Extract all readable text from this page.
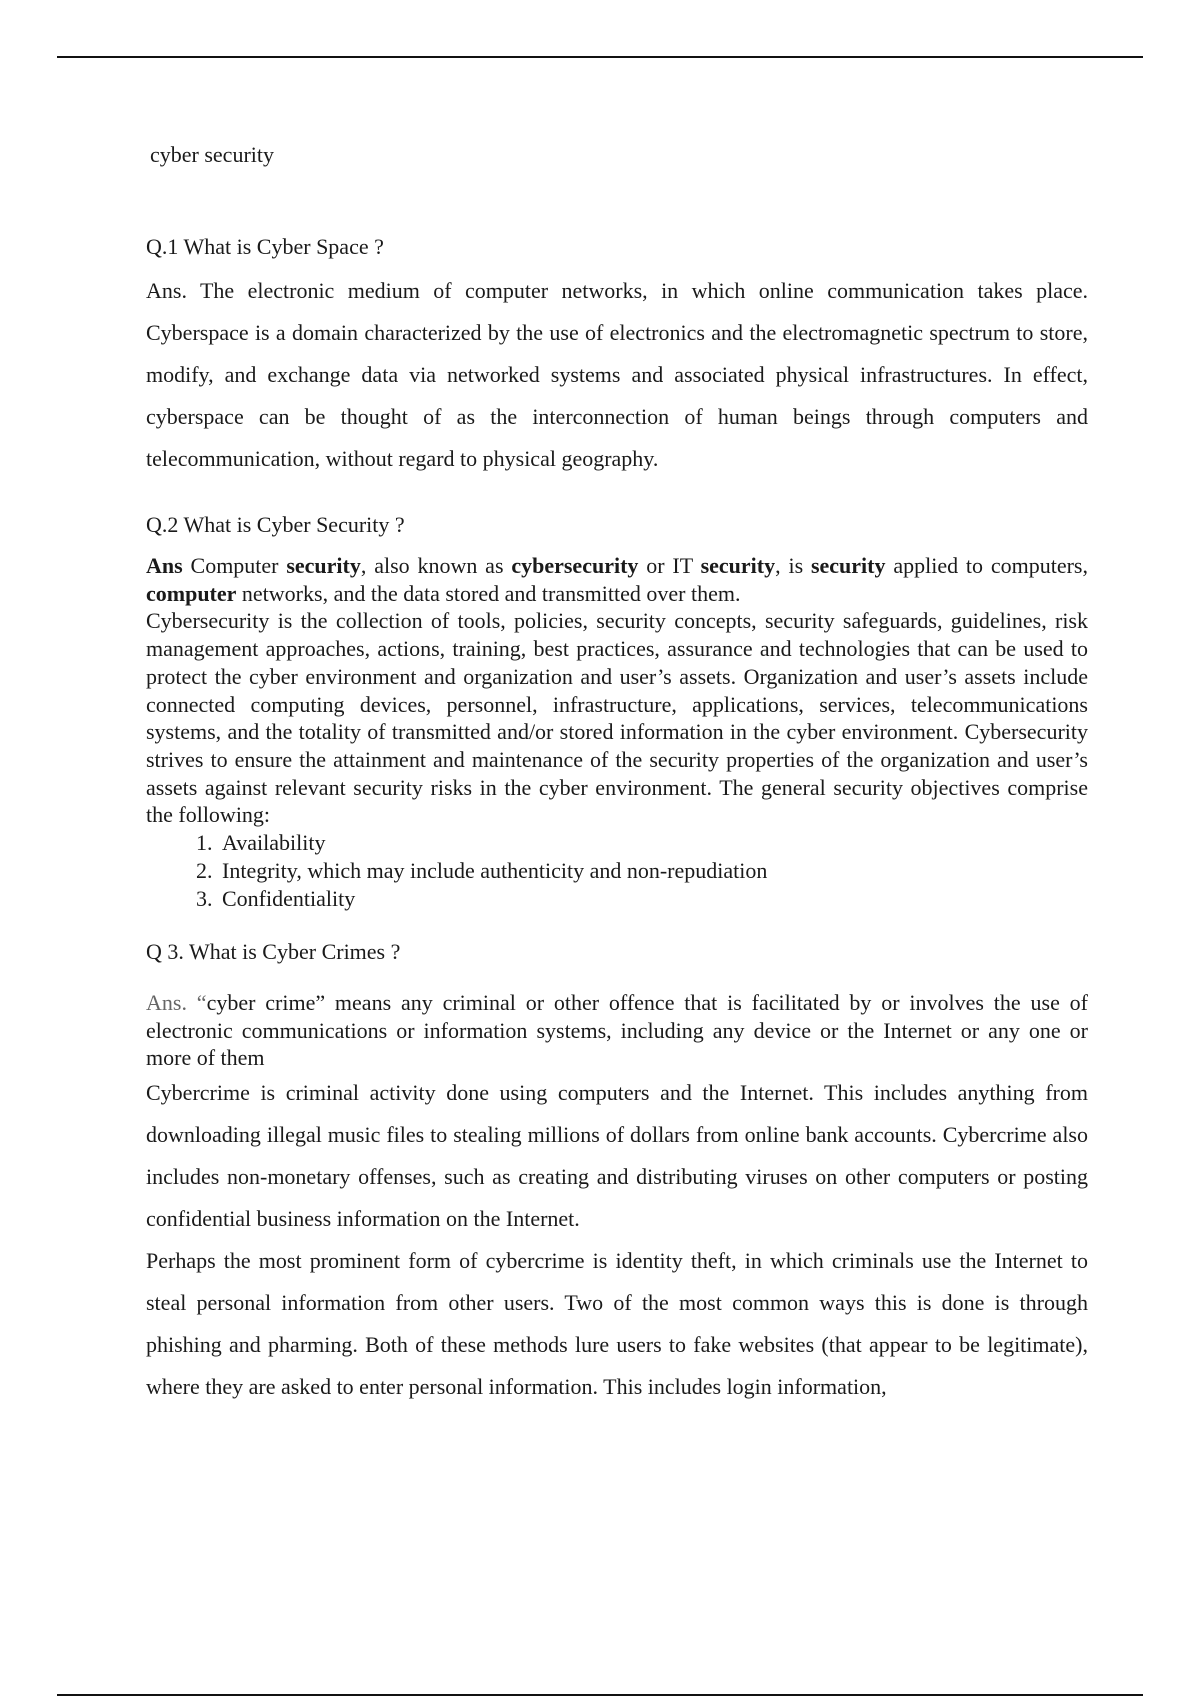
cyber security

Q.1 What is Cyber Space ?

Ans. The electronic medium of computer networks, in which online communication takes place. Cyberspace is a domain characterized by the use of electronics and the electromagnetic spectrum to store, modify, and exchange data via networked systems and associated physical infrastructures. In effect, cyberspace can be thought of as the interconnection of human beings through computers and telecommunication, without regard to physical geography.

Q.2 What is Cyber Security ?

Ans Computer security, also known as cybersecurity or IT security, is security applied to computers, computer networks, and the data stored and transmitted over them.

Cybersecurity is the collection of tools, policies, security concepts, security safeguards, guidelines, risk management approaches, actions, training, best practices, assurance and technologies that can be used to protect the cyber environment and organization and user’s assets. Organization and user’s assets include connected computing devices, personnel, infrastructure, applications, services, telecommunications systems, and the totality of transmitted and/or stored information in the cyber environment. Cybersecurity strives to ensure the attainment and maintenance of the security properties of the organization and user’s assets against relevant security risks in the cyber environment. The general security objectives comprise the following:

1. Availability
2. Integrity, which may include authenticity and non-repudiation
3. Confidentiality

Q 3. What is Cyber Crimes ?

Ans. “cyber crime” means any criminal or other offence that is facilitated by or involves the use of electronic communications or information systems, including any device or the Internet or any one or more of them

Cybercrime is criminal activity done using computers and the Internet. This includes anything from downloading illegal music files to stealing millions of dollars from online bank accounts. Cybercrime also includes non-monetary offenses, such as creating and distributing viruses on other computers or posting confidential business information on the Internet.

Perhaps the most prominent form of cybercrime is identity theft, in which criminals use the Internet to steal personal information from other users. Two of the most common ways this is done is through phishing and pharming. Both of these methods lure users to fake websites (that appear to be legitimate), where they are asked to enter personal information. This includes login information,
